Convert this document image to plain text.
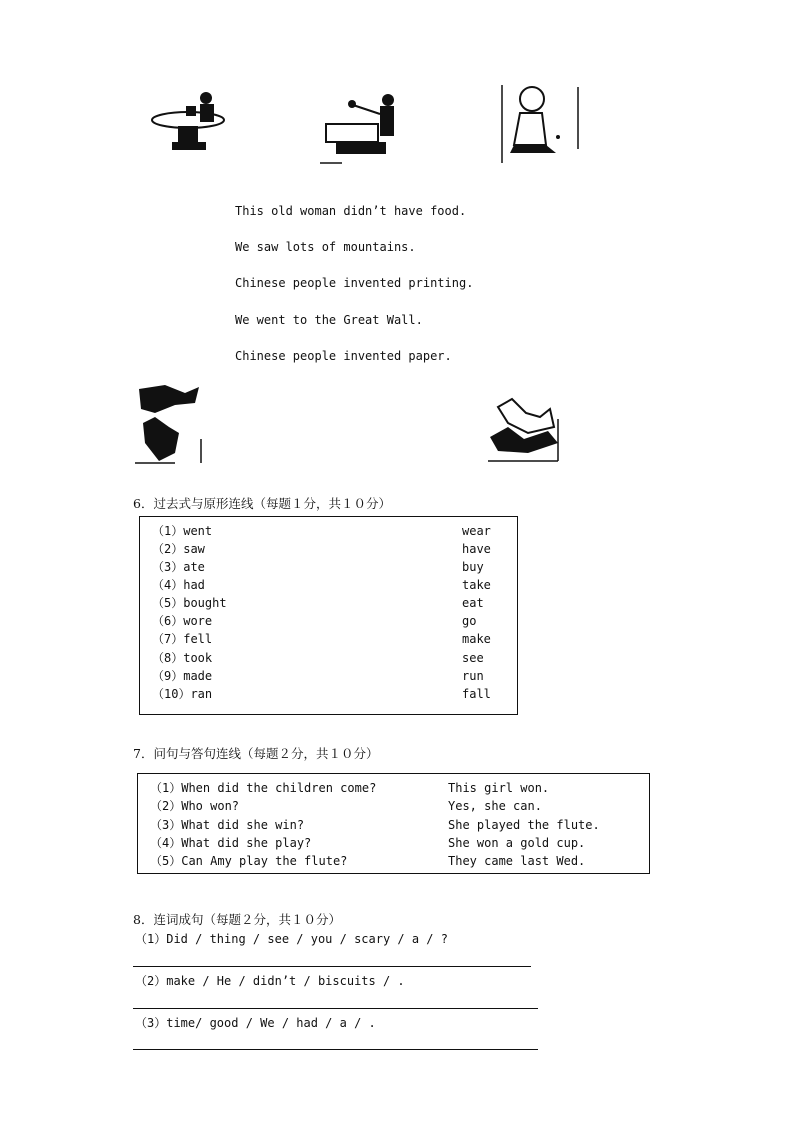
This old woman didn’t have food.
We saw lots of mountains.
Chinese people invented printing.
We went to the Great Wall.
Chinese people invented paper.
6．过去式与原形连线（每题１分，共１０分）
（1）went
（2）saw
（3）ate
（4）had
（5）bought
（6）wore
（7）fell
（8）took
（9）made
（10）ran
wear
have
buy
take
eat
go
make
see
run
fall
7．问句与答句连线（每题２分，共１０分）
（1）When did the children come?
（2）Who won?
（3）What did she win?
（4）What did she play?
（5）Can Amy play the flute?
This girl won.
Yes, she can.
She played the flute.
She won a gold cup.
They came last Wed.
8．连词成句（每题２分，共１０分）
（1）Did / thing / see / you / scary / a / ?
（2）make / He / didn’t / biscuits / .
（3）time/ good / We / had / a / .
